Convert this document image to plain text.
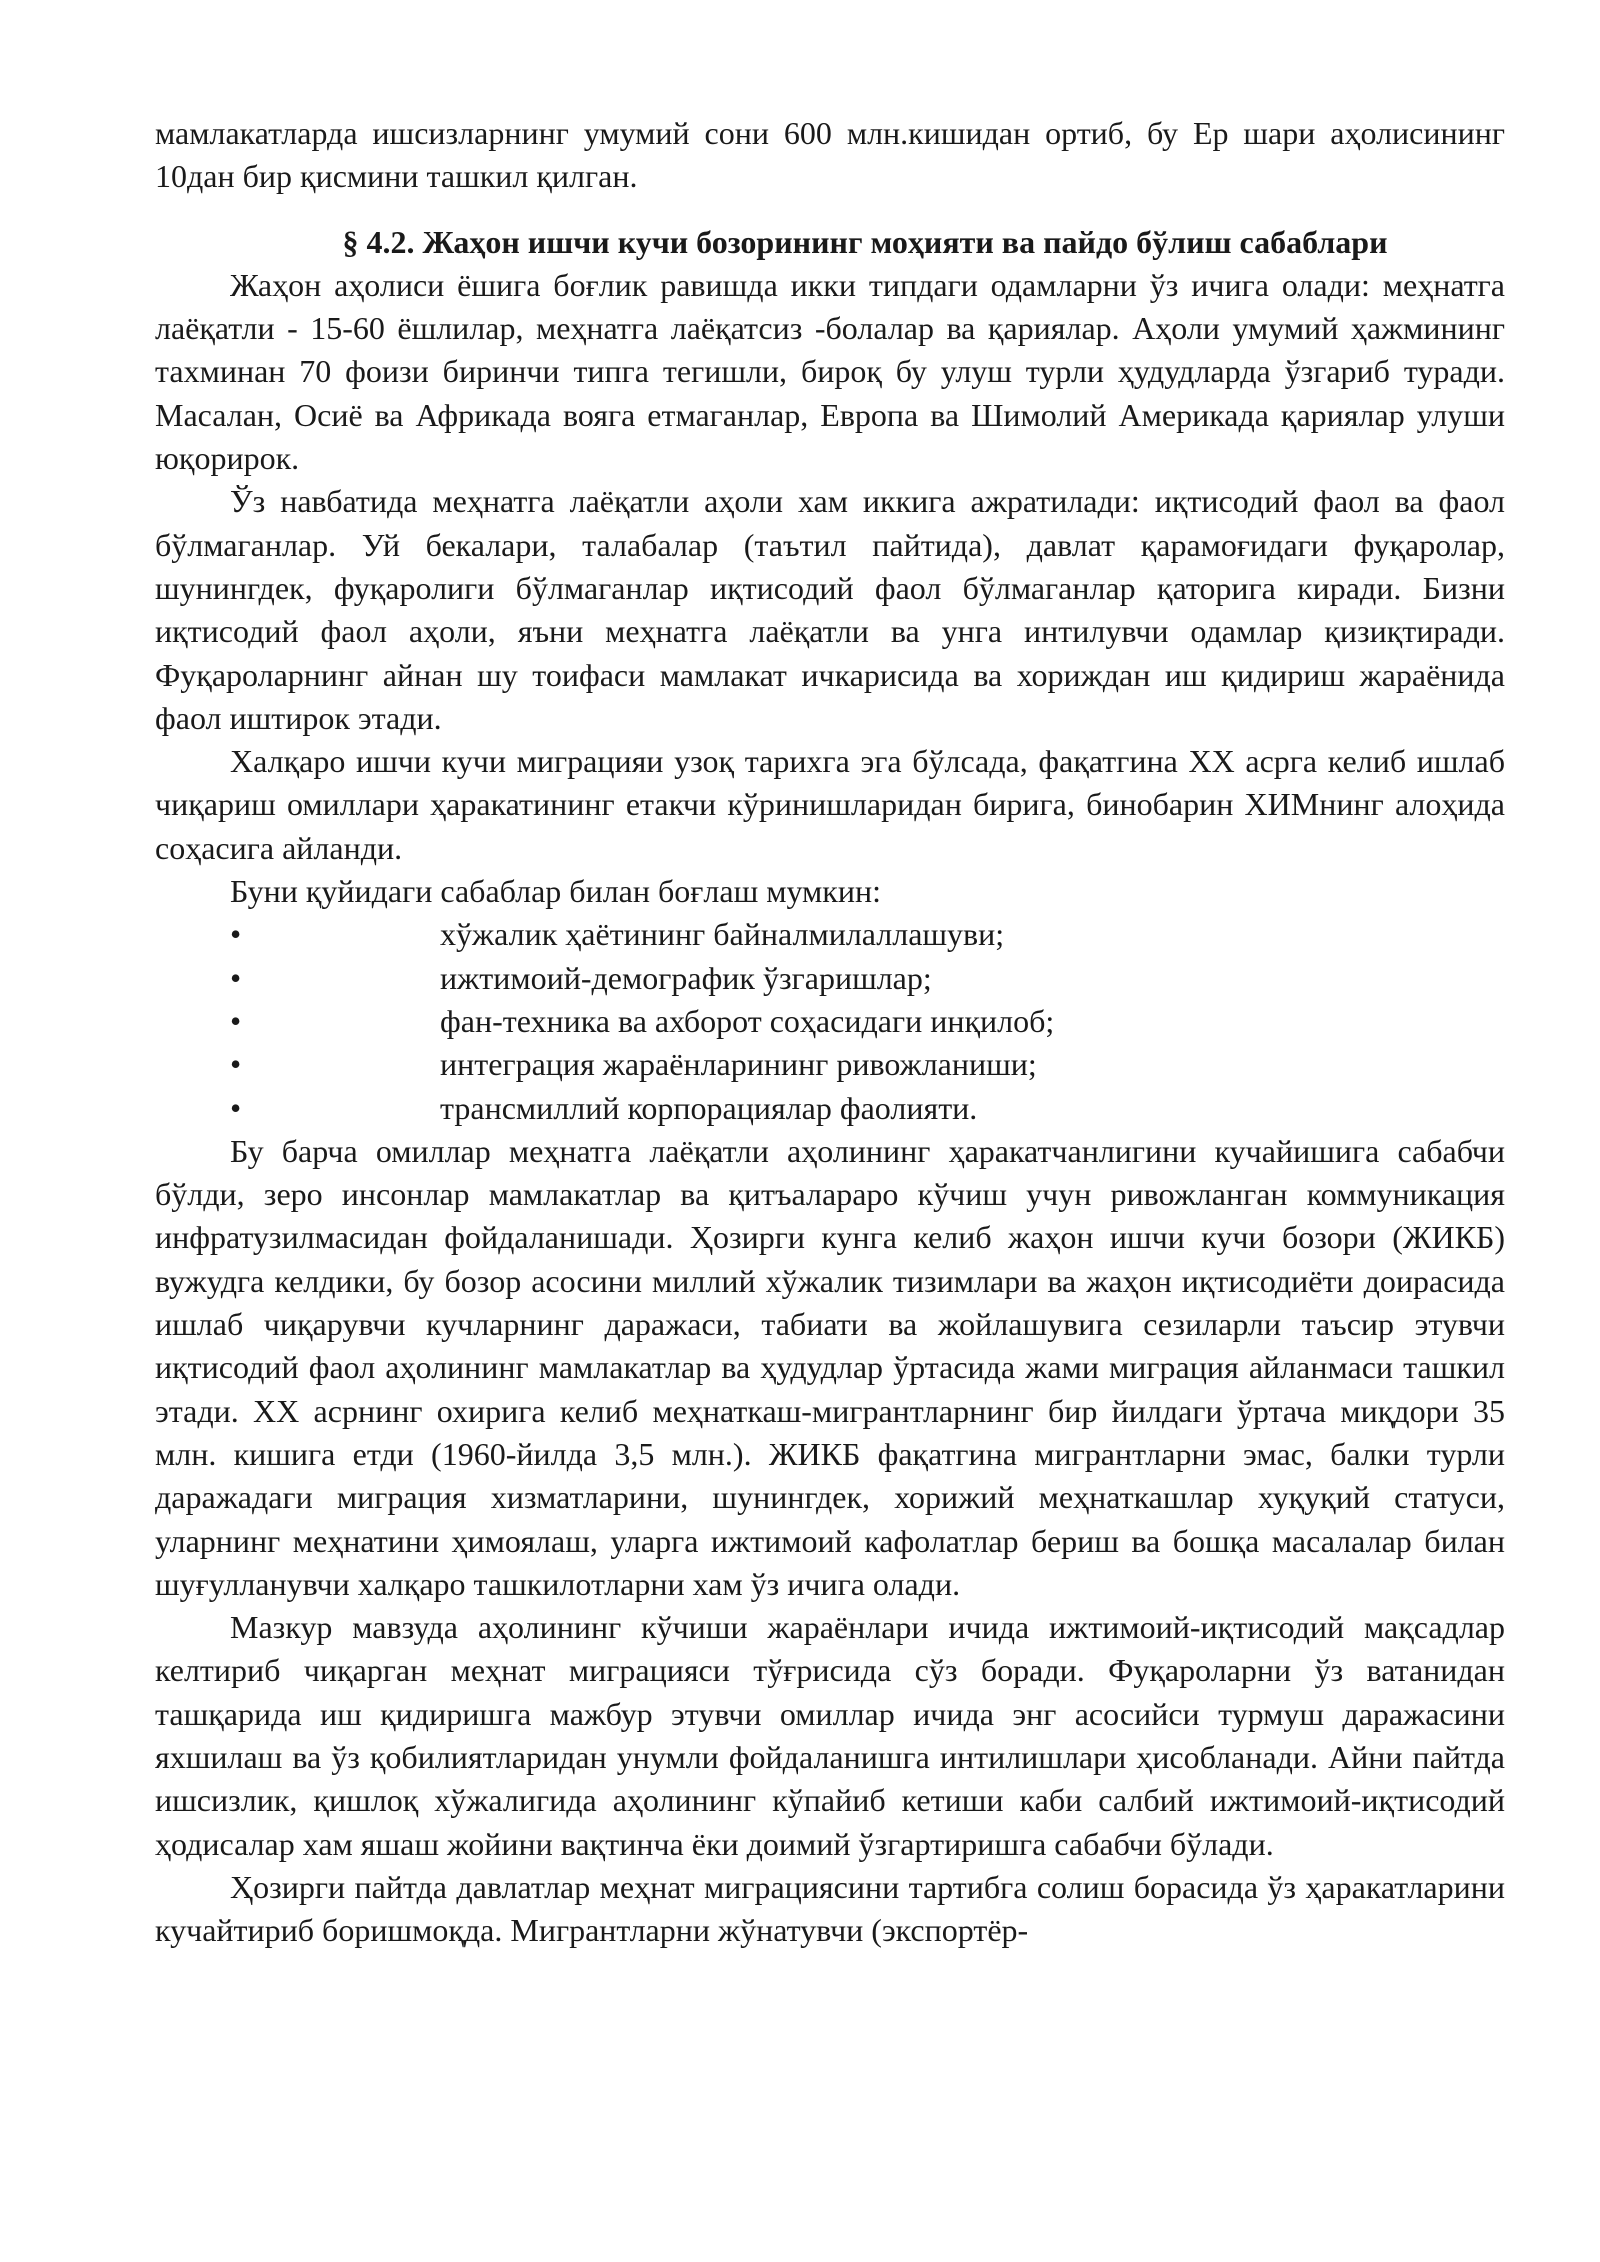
мамлакатларда ишсизларнинг умумий сони 600 млн.кишидан ортиб, бу Ер шари аҳолисининг 10дан бир қисмини ташкил қилган.

§ 4.2. Жаҳон ишчи кучи бозорининг моҳияти ва пайдо бўлиш сабаблари

Жаҳон аҳолиси ёшига боғлик равишда икки типдаги одамларни ўз ичига олади: меҳнатга лаёқатли - 15-60 ёшлилар, меҳнатга лаёқатсиз -болалар ва қариялар. Аҳоли умумий ҳажмининг тахминан 70 фоизи биринчи типга тегишли, бироқ бу улуш турли ҳудудларда ўзгариб туради. Масалан, Осиё ва Африкада вояга етмаганлар, Европа ва Шимолий Америкада қариялар улуши юқорирок.

Ўз навбатида меҳнатга лаёқатли аҳоли хам иккига ажратилади: иқтисодий фаол ва фаол бўлмаганлар. Уй бекалари, талабалар (таътил пайтида), давлат қарамоғидаги фуқаролар, шунингдек, фуқаролиги бўлмаганлар иқтисодий фаол бўлмаганлар қаторига киради. Бизни иқтисодий фаол аҳоли, яъни меҳнатга лаёқатли ва унга интилувчи одамлар қизиқтиради. Фуқароларнинг айнан шу тоифаси мамлакат ичкарисида ва хориждан иш қидириш жараёнида фаол иштирок этади.

Халқаро ишчи кучи миграцияи узоқ тарихга эга бўлсада, фақатгина ХХ асрга келиб ишлаб чиқариш омиллари ҳаракатининг етакчи кўринишларидан бирига, бинобарин ХИМнинг алоҳида соҳасига айланди.

Буни қуйидаги сабаблар билан боғлаш мумкин:

•	хўжалик ҳаётининг байналмилаллашуви;
•	ижтимоий-демографик ўзгаришлар;
•	фан-техника ва ахборот соҳасидаги инқилоб;
•	интеграция жараёнларининг ривожланиши;
•	трансмиллий корпорациялар фаолияти.

Бу барча омиллар меҳнатга лаёқатли аҳолининг ҳаракатчанлигини кучайишига сабабчи бўлди, зеро инсонлар мамлакатлар ва қитъалараро кўчиш учун ривожланган коммуникация инфратузилмасидан фойдаланишади. Ҳозирги кунга келиб жаҳон ишчи кучи бозори (ЖИКБ) вужудга келдики, бу бозор асосини миллий хўжалик тизимлари ва жаҳон иқтисодиёти доирасида ишлаб чиқарувчи кучларнинг даражаси, табиати ва жойлашувига сезиларли таъсир этувчи иқтисодий фаол аҳолининг мамлакатлар ва ҳудудлар ўртасида жами миграция айланмаси ташкил этади. ХХ асрнинг охирига келиб меҳнаткаш-мигрантларнинг бир йилдаги ўртача миқдори 35 млн. кишига етди (1960-йилда 3,5 млн.). ЖИКБ фақатгина мигрантларни эмас, балки турли даражадаги миграция хизматларини, шунингдек, хорижий меҳнаткашлар хуқуқий статуси, уларнинг меҳнатини ҳимоялаш, уларга ижтимоий кафолатлар бериш ва бошқа масалалар билан шуғулланувчи халқаро ташкилотларни хам ўз ичига олади.

Мазкур мавзуда аҳолининг кўчиши жараёнлари ичида ижтимоий-иқтисодий мақсадлар келтириб чиқарган меҳнат миграцияси тўғрисида сўз боради. Фуқароларни ўз ватанидан ташқарида иш қидиришга мажбур этувчи омиллар ичида энг асосийси турмуш даражасини яхшилаш ва ўз қобилиятларидан унумли фойдаланишга интилишлари ҳисобланади. Айни пайтда ишсизлик, қишлоқ хўжалигида аҳолининг кўпайиб кетиши каби салбий ижтимоий-иқтисодий ҳодисалар хам яшаш жойини вақтинча ёки доимий ўзгартиришга сабабчи бўлади.

Ҳозирги пайтда давлатлар меҳнат миграциясини тартибга солиш борасида ўз ҳаракатларини кучайтириб боришмоқда. Мигрантларни жўнатувчи (экспортёр-
